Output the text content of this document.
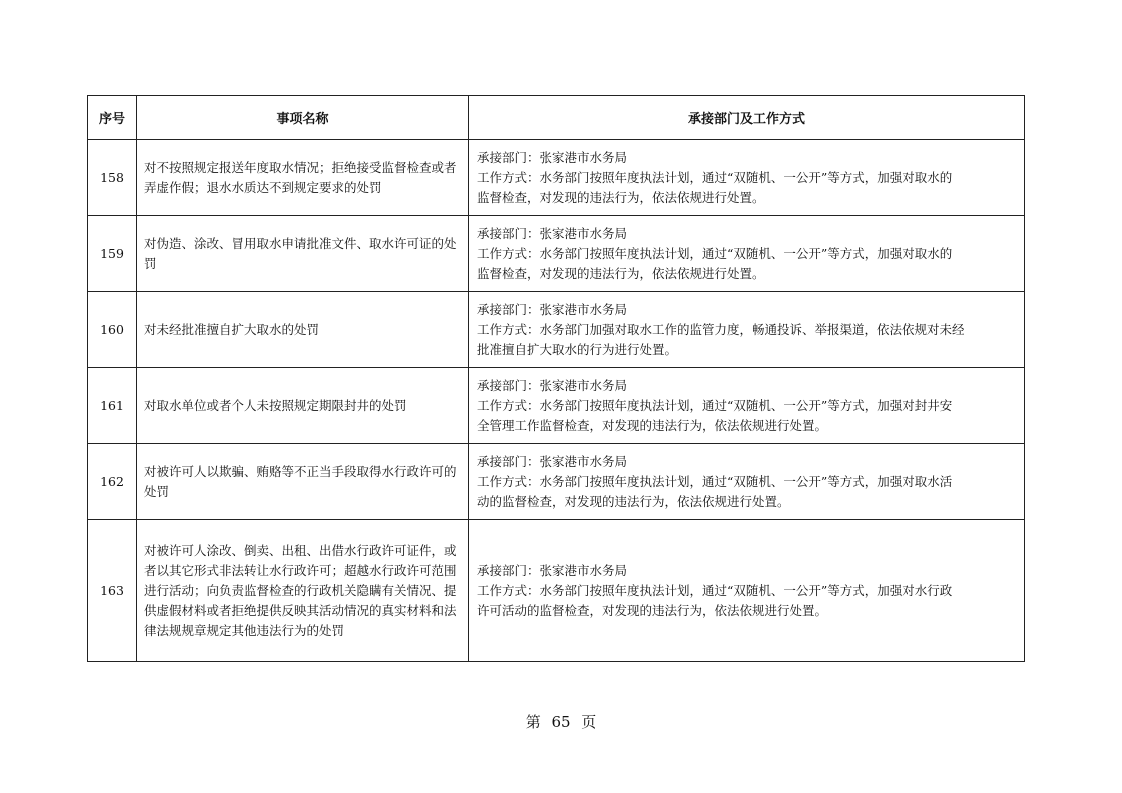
序号	事项名称	承接部门及工作方式
158	对不按照规定报送年度取水情况；拒绝接受监督检查或者弄虚作假；退水水质达不到规定要求的处罚	承接部门：张家港市水务局
工作方式：水务部门按照年度执法计划，通过“双随机、一公开”等方式，加强对取水的
监督检查，对发现的违法行为，依法依规进行处置。

159	对伪造、涂改、冒用取水申请批准文件、取水许可证的处罚	承接部门：张家港市水务局
工作方式：水务部门按照年度执法计划，通过“双随机、一公开”等方式，加强对取水的
监督检查，对发现的违法行为，依法依规进行处置。

160	对未经批准擅自扩大取水的处罚	承接部门：张家港市水务局
工作方式：水务部门加强对取水工作的监管力度，畅通投诉、举报渠道，依法依规对未经
批准擅自扩大取水的行为进行处置。

161	对取水单位或者个人未按照规定期限封井的处罚	承接部门：张家港市水务局
工作方式：水务部门按照年度执法计划，通过“双随机、一公开”等方式，加强对封井安
全管理工作监督检查，对发现的违法行为，依法依规进行处置。

162	对被许可人以欺骗、贿赂等不正当手段取得水行政许可的处罚	承接部门：张家港市水务局
工作方式：水务部门按照年度执法计划，通过“双随机、一公开”等方式，加强对取水活
动的监督检查，对发现的违法行为，依法依规进行处置。

163	对被许可人涂改、倒卖、出租、出借水行政许可证件，或者以其它形式非法转让水行政许可；超越水行政许可范围进行活动；向负责监督检查的行政机关隐瞒有关情况、提供虚假材料或者拒绝提供反映其活动情况的真实材料和法律法规规章规定其他违法行为的处罚	承接部门：张家港市水务局
工作方式：水务部门按照年度执法计划，通过“双随机、一公开”等方式，加强对水行政
许可活动的监督检查，对发现的违法行为，依法依规进行处置。
第 65 页
